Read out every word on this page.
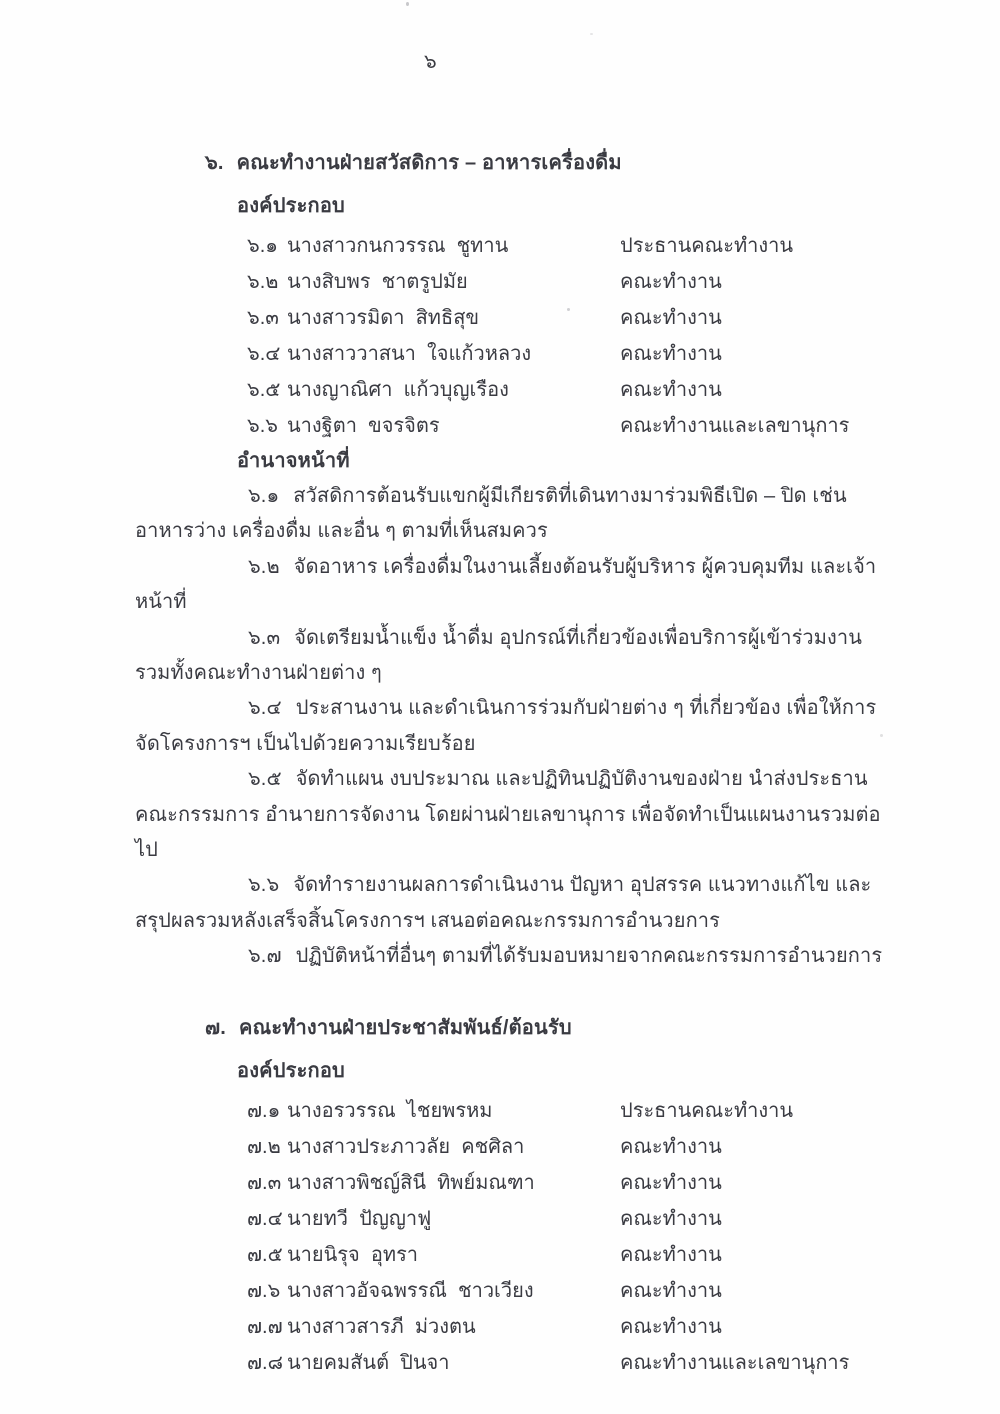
๖
๖. คณะทำงานฝ่ายสวัสดิการ – อาหารเครื่องดื่ม
องค์ประกอบ
๖.๑ นางสาวกนกวรรณ  ชูทาน	ประธานคณะทำงาน
๖.๒ นางสิบพร  ชาตรูปมัย	คณะทำงาน
๖.๓ นางสาวรมิดา  สิทธิสุข	คณะทำงาน
๖.๔ นางสาววาสนา  ใจแก้วหลวง	คณะทำงาน
๖.๕ นางญาณิศา  แก้วบุญเรือง	คณะทำงาน
๖.๖ นางฐิตา  ขจรจิตร	คณะทำงานและเลขานุการ
อำนาจหน้าที่

๖.๑ สวัสดิการต้อนรับแขกผู้มีเกียรติที่เดินทางมาร่วมพิธีเปิด – ปิด เช่น อาหารว่าง เครื่องดื่ม และอื่น ๆ ตามที่เห็นสมควร

๖.๒ จัดอาหาร เครื่องดื่มในงานเลี้ยงต้อนรับผู้บริหาร ผู้ควบคุมทีม และเจ้าหน้าที่

๖.๓ จัดเตรียมน้ำแข็ง น้ำดื่ม อุปกรณ์ที่เกี่ยวข้องเพื่อบริการผู้เข้าร่วมงาน รวมทั้งคณะทำงานฝ่ายต่าง ๆ

๖.๔ ประสานงาน และดำเนินการร่วมกับฝ่ายต่าง ๆ ที่เกี่ยวข้อง เพื่อให้การจัดโครงการฯ เป็นไปด้วยความเรียบร้อย

๖.๕ จัดทำแผน งบประมาณ และปฏิทินปฏิบัติงานของฝ่าย นำส่งประธานคณะกรรมการ อำนายการจัดงาน โดยผ่านฝ่ายเลขานุการ เพื่อจัดทำเป็นแผนงานรวมต่อไป

๖.๖ จัดทำรายงานผลการดำเนินงาน ปัญหา อุปสรรค แนวทางแก้ไข และสรุปผลรวมหลังเสร็จสิ้นโครงการฯ เสนอต่อคณะกรรมการอำนวยการ

๖.๗ ปฏิบัติหน้าที่อื่นๆ ตามที่ได้รับมอบหมายจากคณะกรรมการอำนวยการ

๗. คณะทำงานฝ่ายประชาสัมพันธ์/ต้อนรับ
องค์ประกอบ
๗.๑ นางอรวรรณ  ไชยพรหม	ประธานคณะทำงาน
๗.๒ นางสาวประภาวลัย  คชศิลา	คณะทำงาน
๗.๓ นางสาวพิชญ์สินี  ทิพย์มณฑา	คณะทำงาน
๗.๔ นายทวี  ปัญญาฟู	คณะทำงาน
๗.๕ นายนิรุจ  อุทรา	คณะทำงาน
๗.๖ นางสาวอัจฉพรรณี  ชาวเวียง	คณะทำงาน
๗.๗ นางสาวสารภี  ม่วงตน	คณะทำงาน
๗.๘ นายคมสันต์  ปินจา	คณะทำงานและเลขานุการ
